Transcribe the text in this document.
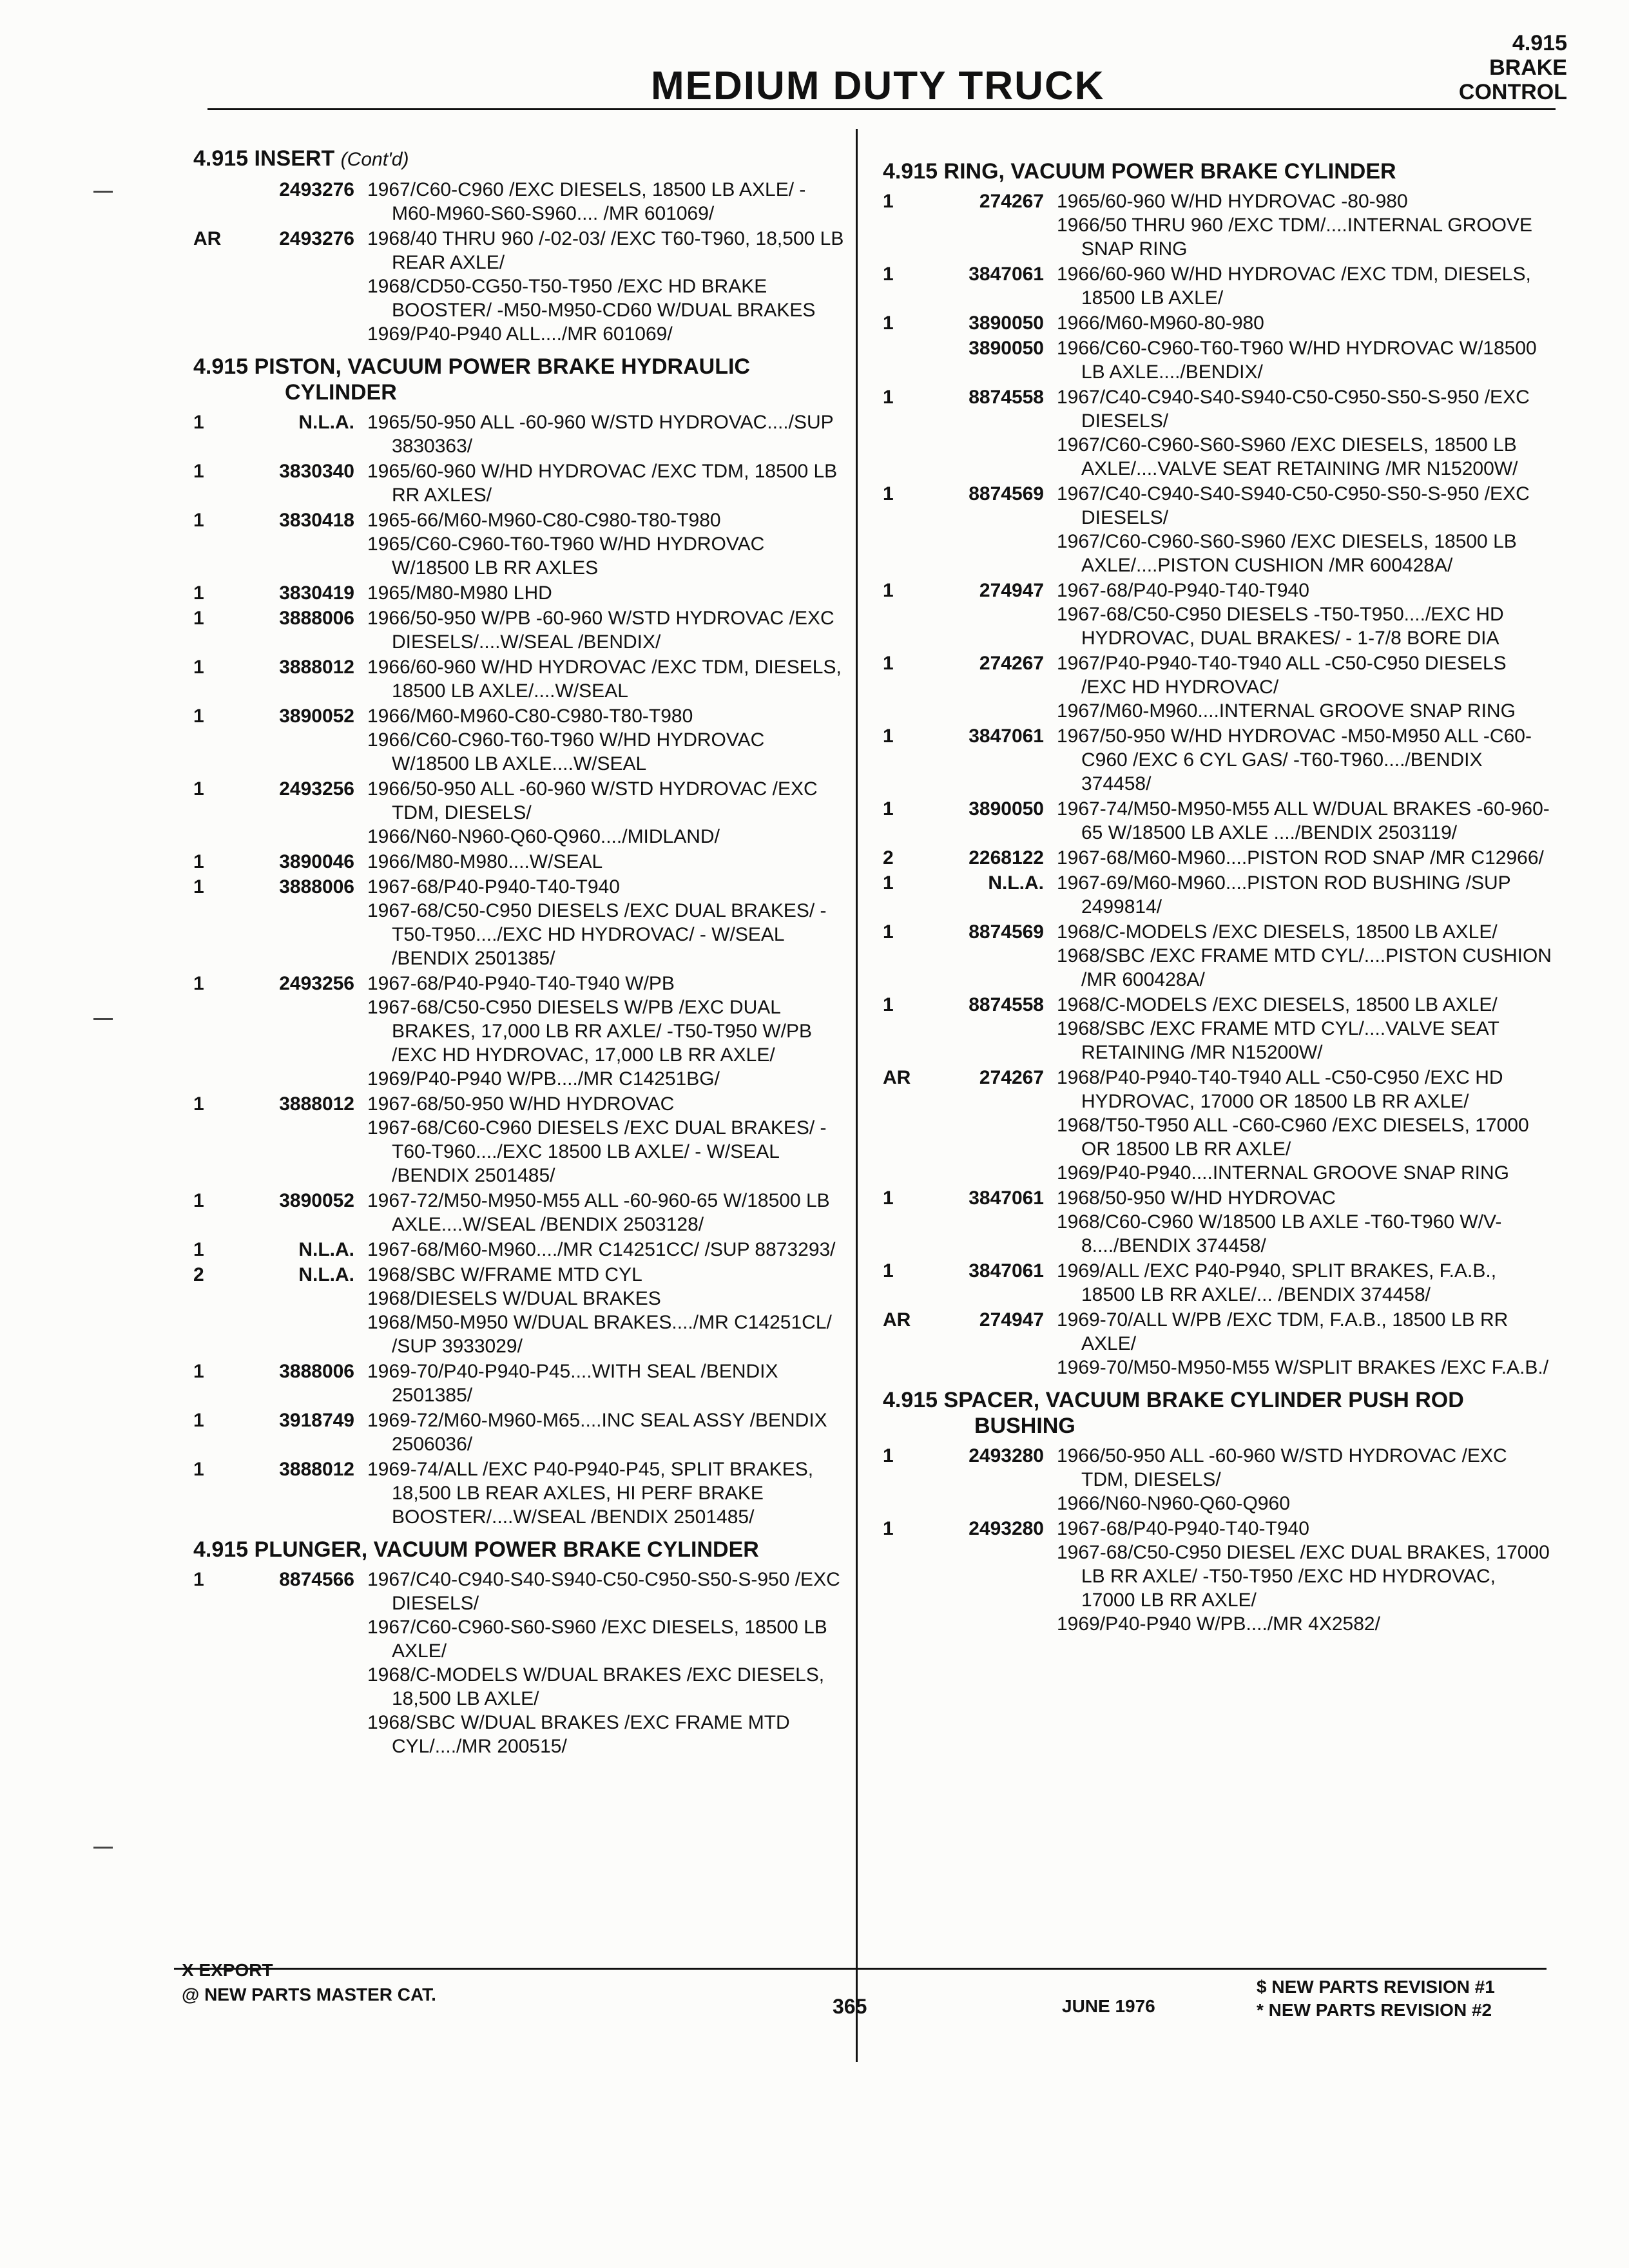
MEDIUM DUTY TRUCK
4.915
BRAKE
CONTROL
4.915 INSERT (Cont'd)
2493276 1967/C60-C960 /EXC DIESELS, 18500 LB AXLE/ -M60-M960-S60-S960.... /MR 601069/
AR	2493276 1968/40 THRU 960 /-02-03/ /EXC T60-T960, 18,500 LB REAR AXLE/
1968/CD50-CG50-T50-T950 /EXC HD BRAKE BOOSTER/ -M50-M950-CD60 W/DUAL BRAKES
1969/P40-P940 ALL..../MR 601069/
4.915 PISTON, VACUUM POWER BRAKE HYDRAULIC
CYLINDER
1	N.L.A. 1965/50-950 ALL -60-960 W/STD HYDROVAC..../SUP 3830363/
1	3830340 1965/60-960 W/HD HYDROVAC /EXC TDM, 18500 LB RR AXLES/
1	3830418 1965-66/M60-M960-C80-C980-T80-T980
1965/C60-C960-T60-T960 W/HD HYDROVAC W/18500 LB RR AXLES
1	3830419 1965/M80-M980 LHD
1	3888006 1966/50-950 W/PB -60-960 W/STD HYDROVAC /EXC DIESELS/....W/SEAL /BENDIX/
1	3888012 1966/60-960 W/HD HYDROVAC /EXC TDM, DIESELS, 18500 LB AXLE/....W/SEAL
1	3890052 1966/M60-M960-C80-C980-T80-T980
1966/C60-C960-T60-T960 W/HD HYDROVAC W/18500 LB AXLE....W/SEAL
1	2493256 1966/50-950 ALL -60-960 W/STD HYDROVAC /EXC TDM, DIESELS/
1966/N60-N960-Q60-Q960..../MIDLAND/
1	3890046 1966/M80-M980....W/SEAL
1	3888006 1967-68/P40-P940-T40-T940
1967-68/C50-C950 DIESELS /EXC DUAL BRAKES/ -T50-T950..../EXC HD HYDROVAC/ - W/SEAL /BENDIX 2501385/
1	2493256 1967-68/P40-P940-T40-T940 W/PB
1967-68/C50-C950 DIESELS W/PB /EXC DUAL BRAKES, 17,000 LB RR AXLE/ -T50-T950 W/PB /EXC HD HYDROVAC, 17,000 LB RR AXLE/
1969/P40-P940 W/PB..../MR C14251BG/
1	3888012 1967-68/50-950 W/HD HYDROVAC
1967-68/C60-C960 DIESELS /EXC DUAL BRAKES/ -T60-T960..../EXC 18500 LB AXLE/ - W/SEAL /BENDIX 2501485/
1	3890052 1967-72/M50-M950-M55 ALL -60-960-65 W/18500 LB AXLE....W/SEAL /BENDIX 2503128/
1	N.L.A. 1967-68/M60-M960..../MR C14251CC/ /SUP 8873293/
2	N.L.A. 1968/SBC W/FRAME MTD CYL
1968/DIESELS W/DUAL BRAKES
1968/M50-M950 W/DUAL BRAKES..../MR C14251CL/ /SUP 3933029/
1	3888006 1969-70/P40-P940-P45....WITH SEAL /BENDIX 2501385/
1	3918749 1969-72/M60-M960-M65....INC SEAL ASSY /BENDIX 2506036/
1	3888012 1969-74/ALL /EXC P40-P940-P45, SPLIT BRAKES, 18,500 LB REAR AXLES, HI PERF BRAKE BOOSTER/....W/SEAL /BENDIX 2501485/
4.915 PLUNGER, VACUUM POWER BRAKE CYLINDER
1	8874566 1967/C40-C940-S40-S940-C50-C950-S50-S-950 /EXC DIESELS/
1967/C60-C960-S60-S960 /EXC DIESELS, 18500 LB AXLE/
1968/C-MODELS W/DUAL BRAKES /EXC DIESELS, 18,500 LB AXLE/
1968/SBC W/DUAL BRAKES /EXC FRAME MTD CYL/..../MR 200515/
4.915 RING, VACUUM POWER BRAKE CYLINDER
1	274267 1965/60-960 W/HD HYDROVAC -80-980
1966/50 THRU 960 /EXC TDM/....INTERNAL GROOVE SNAP RING
1	3847061 1966/60-960 W/HD HYDROVAC /EXC TDM, DIESELS, 18500 LB AXLE/
1	3890050 1966/M60-M960-80-980
3890050 1966/C60-C960-T60-T960 W/HD HYDROVAC W/18500 LB AXLE..../BENDIX/
1	8874558 1967/C40-C940-S40-S940-C50-C950-S50-S-950 /EXC DIESELS/
1967/C60-C960-S60-S960 /EXC DIESELS, 18500 LB AXLE/....VALVE SEAT RETAINING /MR N15200W/
1	8874569 1967/C40-C940-S40-S940-C50-C950-S50-S-950 /EXC DIESELS/
1967/C60-C960-S60-S960 /EXC DIESELS, 18500 LB AXLE/....PISTON CUSHION /MR 600428A/
1	274947 1967-68/P40-P940-T40-T940
1967-68/C50-C950 DIESELS -T50-T950..../EXC HD HYDROVAC, DUAL BRAKES/ - 1-7/8 BORE DIA
1	274267 1967/P40-P940-T40-T940 ALL -C50-C950 DIESELS /EXC HD HYDROVAC/
1967/M60-M960....INTERNAL GROOVE SNAP RING
1	3847061 1967/50-950 W/HD HYDROVAC -M50-M950 ALL -C60-C960 /EXC 6 CYL GAS/ -T60-T960..../BENDIX 374458/
1	3890050 1967-74/M50-M950-M55 ALL W/DUAL BRAKES -60-960-65 W/18500 LB AXLE ..../BENDIX 2503119/
2	2268122 1967-68/M60-M960....PISTON ROD SNAP /MR C12966/
1	N.L.A. 1967-69/M60-M960....PISTON ROD BUSHING /SUP 2499814/
1	8874569 1968/C-MODELS /EXC DIESELS, 18500 LB AXLE/
1968/SBC /EXC FRAME MTD CYL/....PISTON CUSHION /MR 600428A/
1	8874558 1968/C-MODELS /EXC DIESELS, 18500 LB AXLE/
1968/SBC /EXC FRAME MTD CYL/....VALVE SEAT RETAINING /MR N15200W/
AR	274267 1968/P40-P940-T40-T940 ALL -C50-C950 /EXC HD HYDROVAC, 17000 OR 18500 LB RR AXLE/
1968/T50-T950 ALL -C60-C960 /EXC DIESELS, 17000 OR 18500 LB RR AXLE/
1969/P40-P940....INTERNAL GROOVE SNAP RING
1	3847061 1968/50-950 W/HD HYDROVAC
1968/C60-C960 W/18500 LB AXLE -T60-T960 W/V-8..../BENDIX 374458/
1	3847061 1969/ALL /EXC P40-P940, SPLIT BRAKES, F.A.B., 18500 LB RR AXLE/... /BENDIX 374458/
AR	274947 1969-70/ALL W/PB /EXC TDM, F.A.B., 18500 LB RR AXLE/
1969-70/M50-M950-M55 W/SPLIT BRAKES /EXC F.A.B./
4.915 SPACER, VACUUM BRAKE CYLINDER PUSH ROD
BUSHING
1	2493280 1966/50-950 ALL -60-960 W/STD HYDROVAC /EXC TDM, DIESELS/
1966/N60-N960-Q60-Q960
1	2493280 1967-68/P40-P940-T40-T940
1967-68/C50-C950 DIESEL /EXC DUAL BRAKES, 17000 LB RR AXLE/ -T50-T950 /EXC HD HYDROVAC, 17000 LB RR AXLE/
1969/P40-P940 W/PB..../MR 4X2582/
X EXPORT
@ NEW PARTS MASTER CAT.
365	JUNE 1976
$ NEW PARTS REVISION #1
* NEW PARTS REVISION #2
